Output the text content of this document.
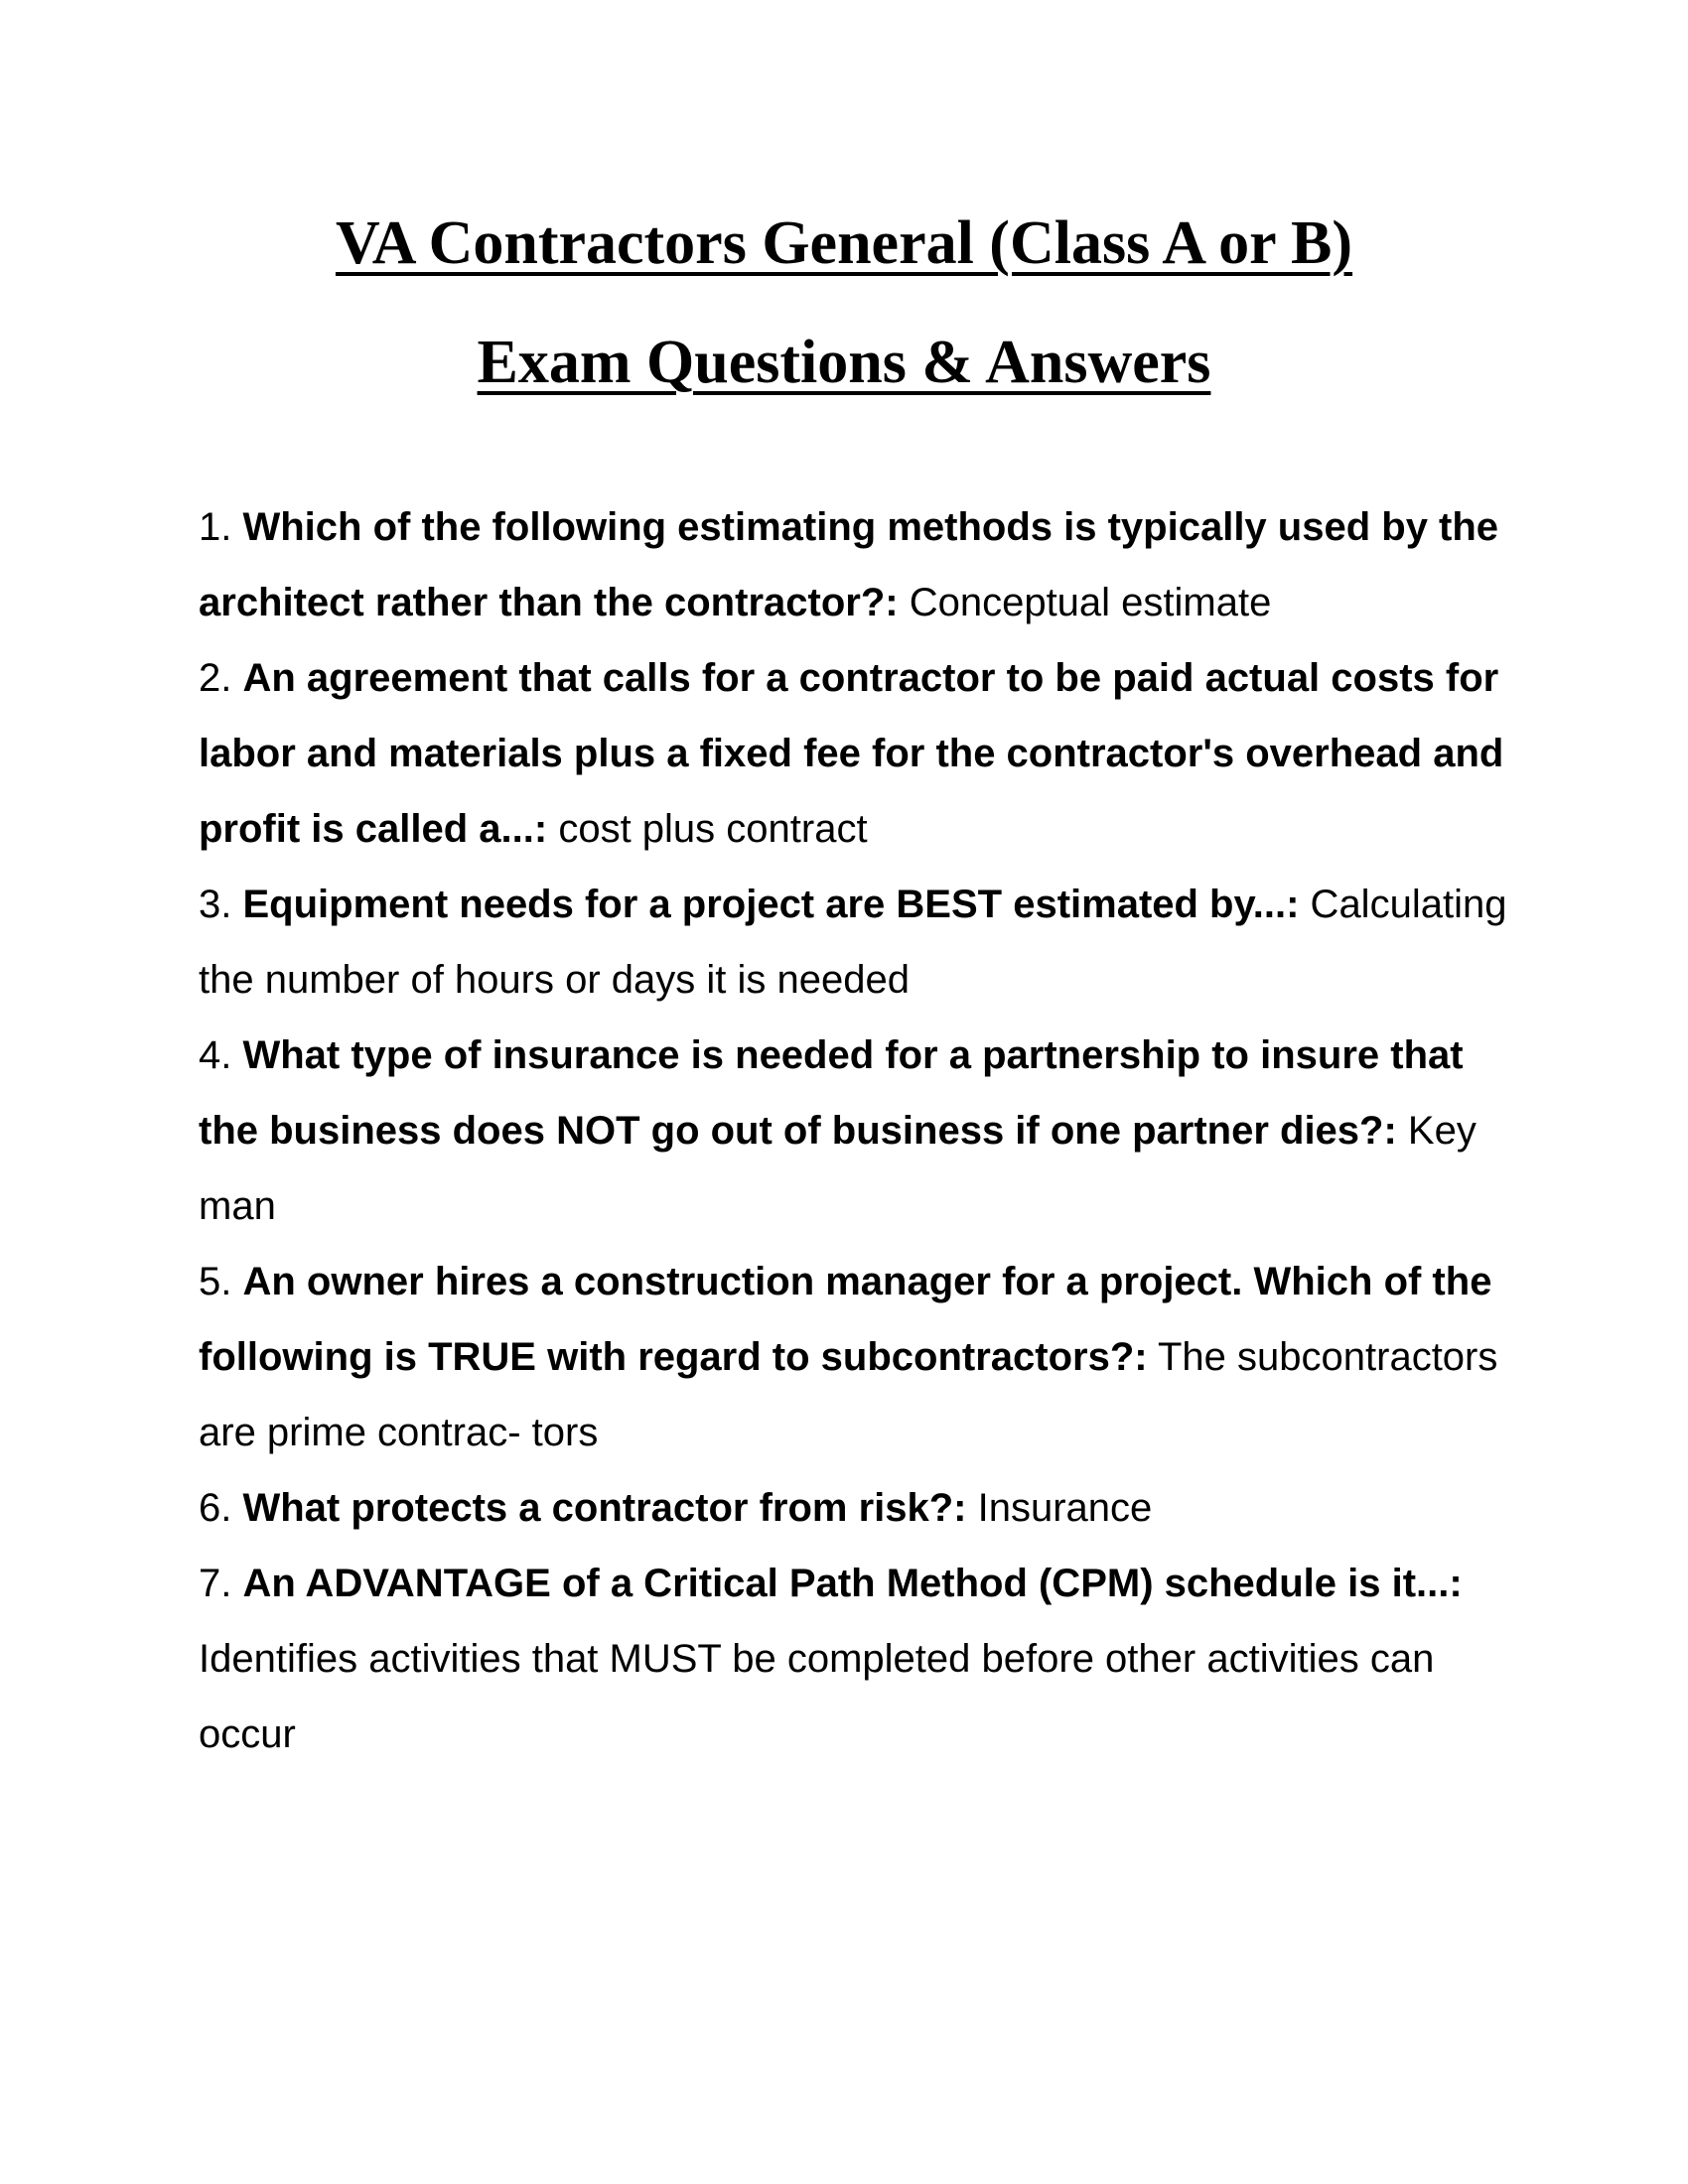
VA Contractors General (Class A or B)
Exam Questions & Answers

1. Which of the following estimating methods is typically used by the architect rather than the contractor?: Conceptual estimate

2. An agreement that calls for a contractor to be paid actual costs for labor and materials plus a fixed fee for the contractor's overhead and profit is called a...: cost plus contract

3. Equipment needs for a project are BEST estimated by...: Calculating the number of hours or days it is needed

4. What type of insurance is needed for a partnership to insure that the business does NOT go out of business if one partner dies?: Key man

5. An owner hires a construction manager for a project. Which of the following is TRUE with regard to subcontractors?: The subcontractors are prime contrac- tors

6. What protects a contractor from risk?: Insurance

7. An ADVANTAGE of a Critical Path Method (CPM) schedule is it...: Identifies activities that MUST be completed before other activities can occur
